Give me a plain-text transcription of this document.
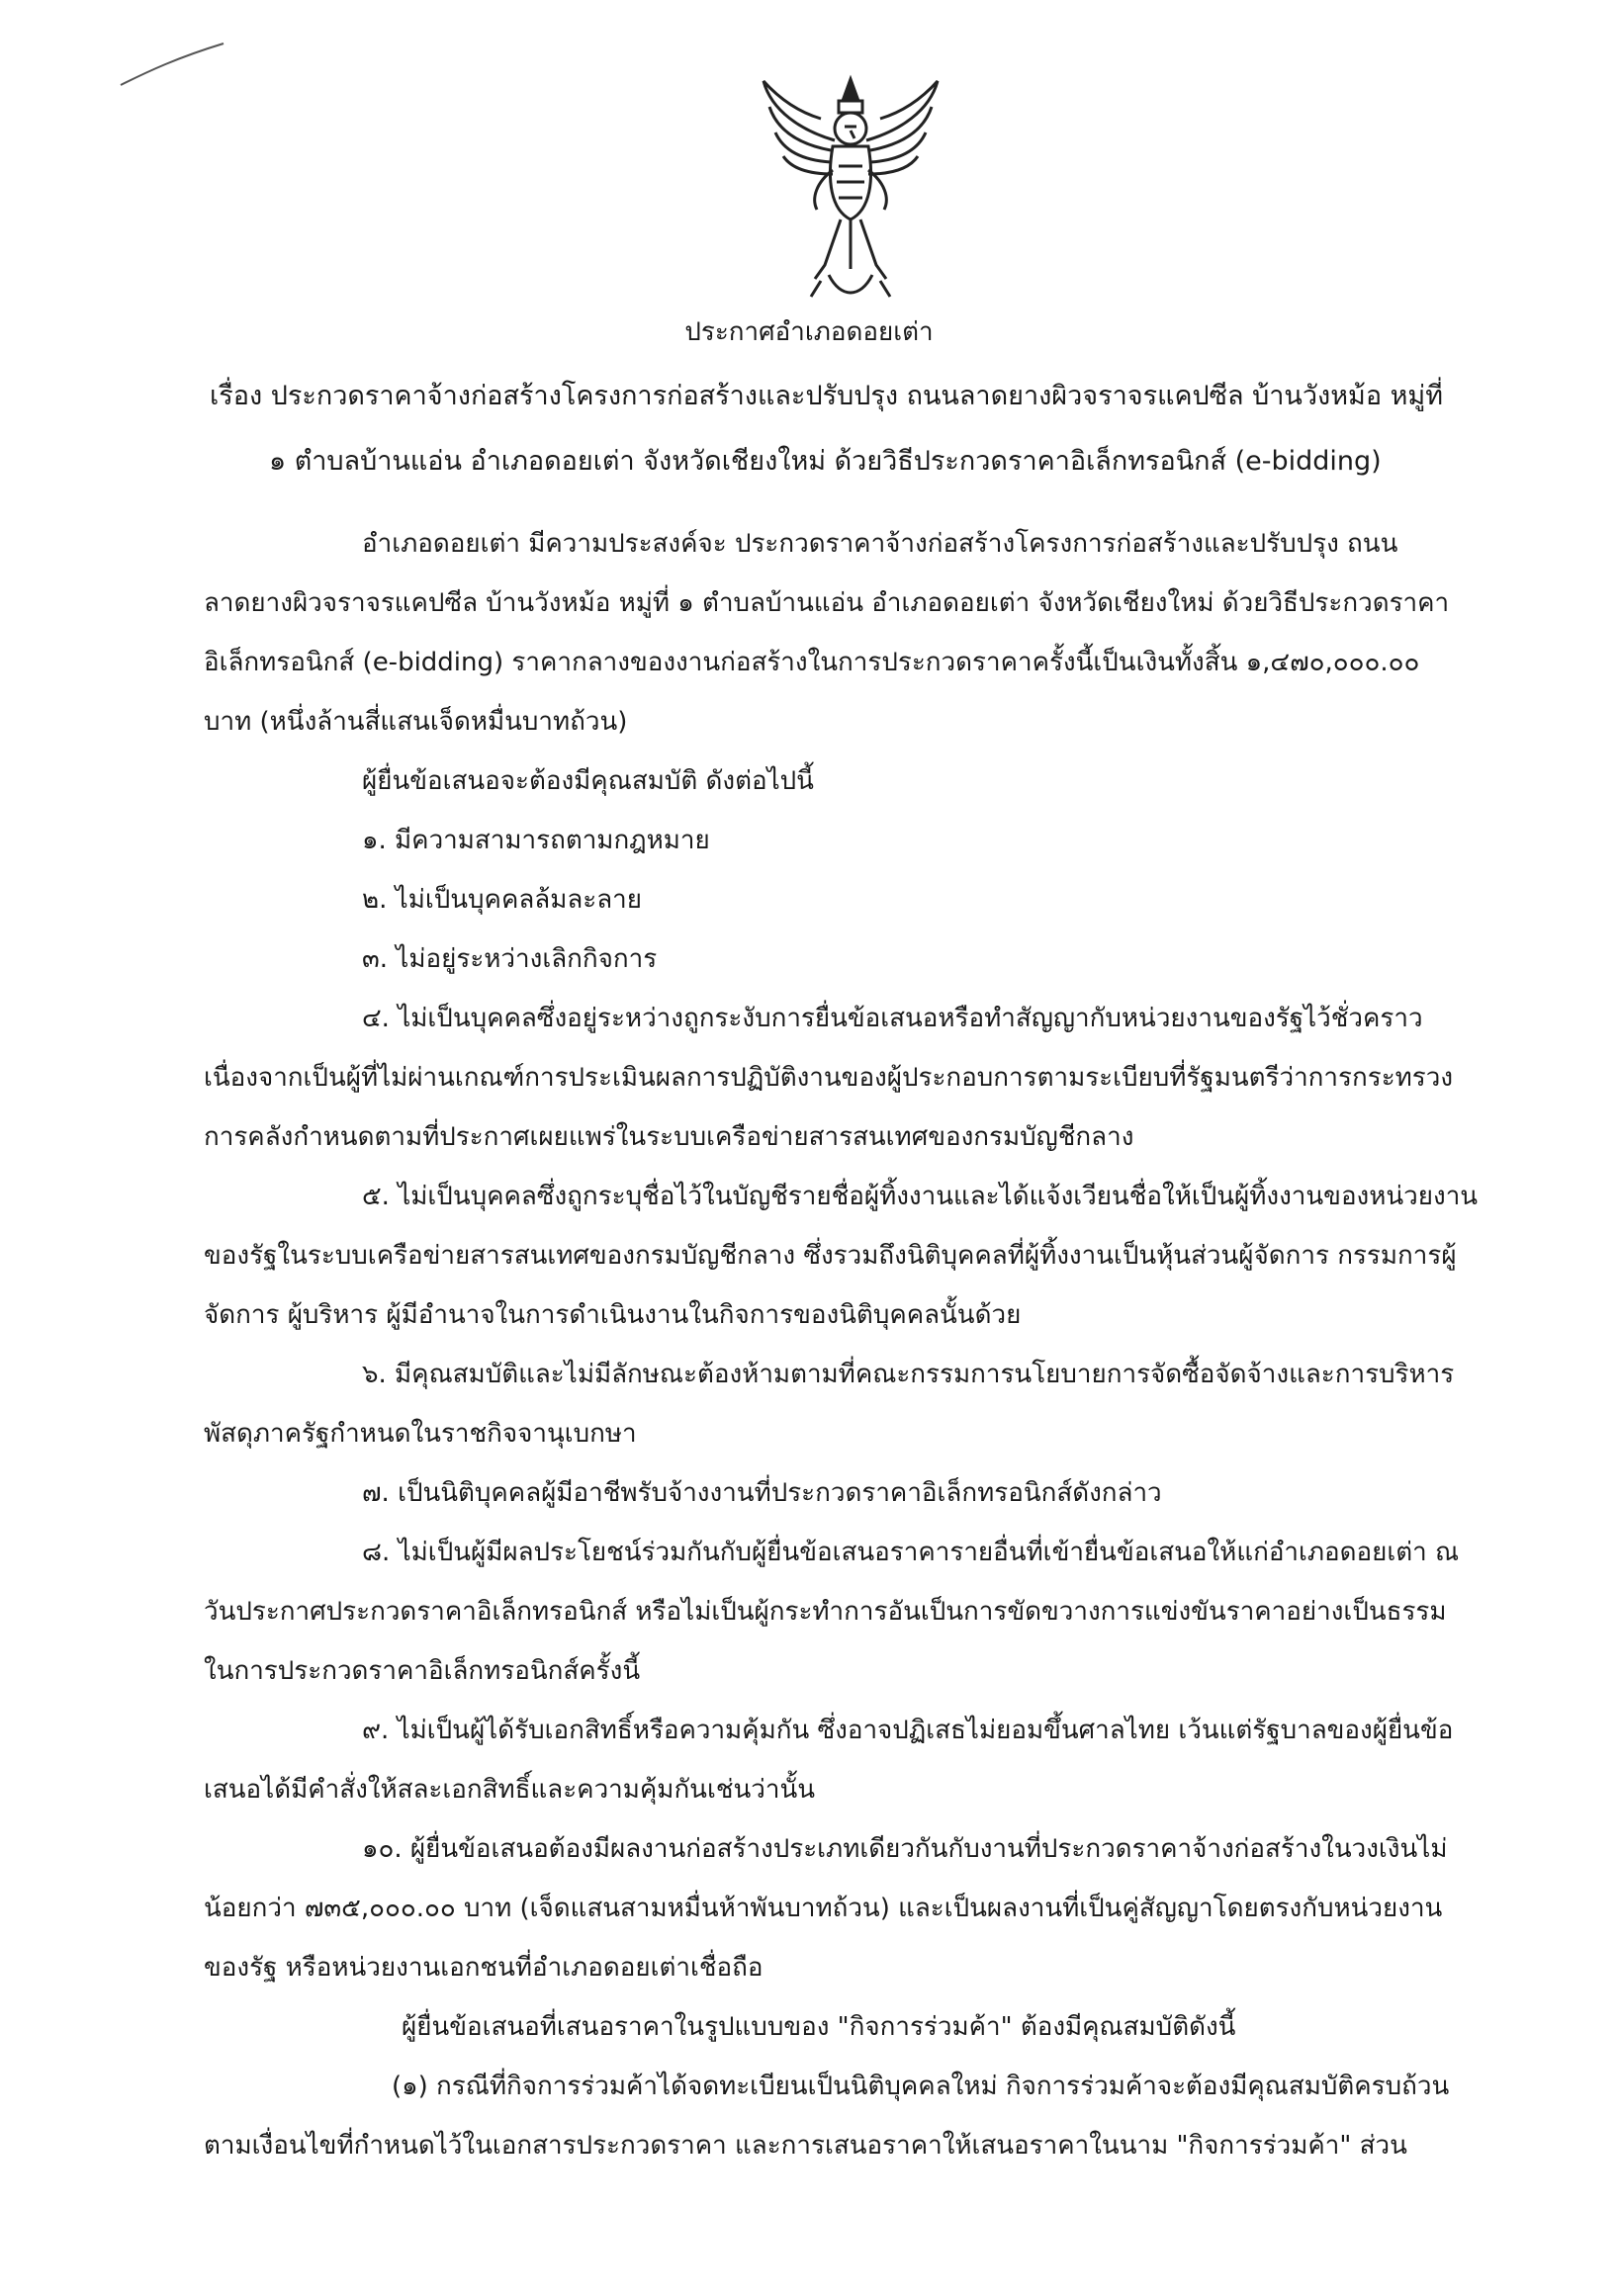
ประกาศอำเภอดอยเต่า
เรื่อง ประกวดราคาจ้างก่อสร้างโครงการก่อสร้างและปรับปรุง ถนนลาดยางผิวจราจรแคปซีล บ้านวังหม้อ หมู่ที่
๑ ตำบลบ้านแอ่น อำเภอดอยเต่า จังหวัดเชียงใหม่ ด้วยวิธีประกวดราคาอิเล็กทรอนิกส์ (e-bidding)
อำเภอดอยเต่า มีความประสงค์จะ ประกวดราคาจ้างก่อสร้างโครงการก่อสร้างและปรับปรุง ถนน
ลาดยางผิวจราจรแคปซีล บ้านวังหม้อ หมู่ที่ ๑ ตำบลบ้านแอ่น อำเภอดอยเต่า จังหวัดเชียงใหม่ ด้วยวิธีประกวดราคา
อิเล็กทรอนิกส์ (e-bidding) ราคากลางของงานก่อสร้างในการประกวดราคาครั้งนี้เป็นเงินทั้งสิ้น ๑,๔๗๐,๐๐๐.๐๐
บาท (หนึ่งล้านสี่แสนเจ็ดหมื่นบาทถ้วน)
ผู้ยื่นข้อเสนอจะต้องมีคุณสมบัติ ดังต่อไปนี้
๑. มีความสามารถตามกฎหมาย
๒. ไม่เป็นบุคคลล้มละลาย
๓. ไม่อยู่ระหว่างเลิกกิจการ
๔. ไม่เป็นบุคคลซึ่งอยู่ระหว่างถูกระงับการยื่นข้อเสนอหรือทำสัญญากับหน่วยงานของรัฐไว้ชั่วคราว
เนื่องจากเป็นผู้ที่ไม่ผ่านเกณฑ์การประเมินผลการปฏิบัติงานของผู้ประกอบการตามระเบียบที่รัฐมนตรีว่าการกระทรวง
การคลังกำหนดตามที่ประกาศเผยแพร่ในระบบเครือข่ายสารสนเทศของกรมบัญชีกลาง
๕. ไม่เป็นบุคคลซึ่งถูกระบุชื่อไว้ในบัญชีรายชื่อผู้ทิ้งงานและได้แจ้งเวียนชื่อให้เป็นผู้ทิ้งงานของหน่วยงาน
ของรัฐในระบบเครือข่ายสารสนเทศของกรมบัญชีกลาง ซึ่งรวมถึงนิติบุคคลที่ผู้ทิ้งงานเป็นหุ้นส่วนผู้จัดการ กรรมการผู้
จัดการ ผู้บริหาร ผู้มีอำนาจในการดำเนินงานในกิจการของนิติบุคคลนั้นด้วย
๖. มีคุณสมบัติและไม่มีลักษณะต้องห้ามตามที่คณะกรรมการนโยบายการจัดซื้อจัดจ้างและการบริหาร
พัสดุภาครัฐกำหนดในราชกิจจานุเบกษา
๗. เป็นนิติบุคคลผู้มีอาชีพรับจ้างงานที่ประกวดราคาอิเล็กทรอนิกส์ดังกล่าว
๘. ไม่เป็นผู้มีผลประโยชน์ร่วมกันกับผู้ยื่นข้อเสนอราคารายอื่นที่เข้ายื่นข้อเสนอให้แก่อำเภอดอยเต่า ณ
วันประกาศประกวดราคาอิเล็กทรอนิกส์ หรือไม่เป็นผู้กระทำการอันเป็นการขัดขวางการแข่งขันราคาอย่างเป็นธรรม
ในการประกวดราคาอิเล็กทรอนิกส์ครั้งนี้
๙. ไม่เป็นผู้ได้รับเอกสิทธิ์หรือความคุ้มกัน ซึ่งอาจปฏิเสธไม่ยอมขึ้นศาลไทย เว้นแต่รัฐบาลของผู้ยื่นข้อ
เสนอได้มีคำสั่งให้สละเอกสิทธิ์และความคุ้มกันเช่นว่านั้น
๑๐. ผู้ยื่นข้อเสนอต้องมีผลงานก่อสร้างประเภทเดียวกันกับงานที่ประกวดราคาจ้างก่อสร้างในวงเงินไม่
น้อยกว่า ๗๓๕,๐๐๐.๐๐ บาท (เจ็ดแสนสามหมื่นห้าพันบาทถ้วน) และเป็นผลงานที่เป็นคู่สัญญาโดยตรงกับหน่วยงาน
ของรัฐ หรือหน่วยงานเอกชนที่อำเภอดอยเต่าเชื่อถือ
ผู้ยื่นข้อเสนอที่เสนอราคาในรูปแบบของ "กิจการร่วมค้า" ต้องมีคุณสมบัติดังนี้
(๑) กรณีที่กิจการร่วมค้าได้จดทะเบียนเป็นนิติบุคคลใหม่ กิจการร่วมค้าจะต้องมีคุณสมบัติครบถ้วน
ตามเงื่อนไขที่กำหนดไว้ในเอกสารประกวดราคา และการเสนอราคาให้เสนอราคาในนาม "กิจการร่วมค้า" ส่วน
